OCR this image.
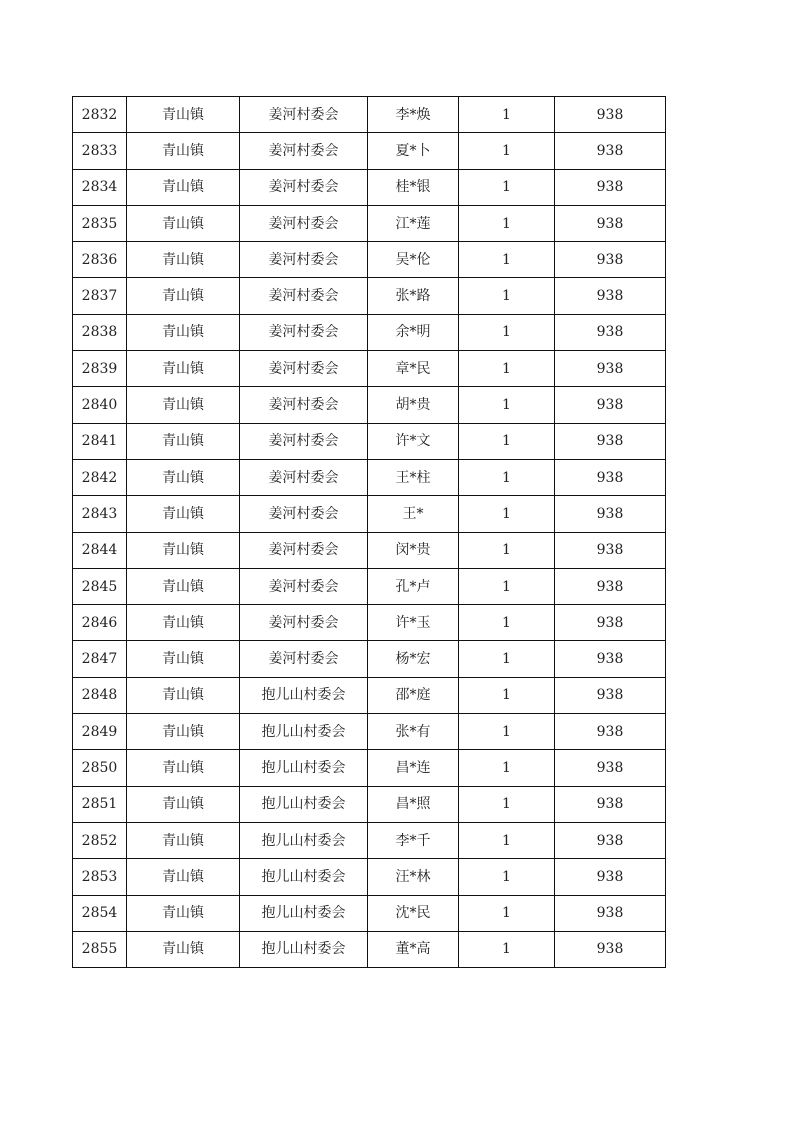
2832	青山镇	姜河村委会	李*焕	1	938
2833	青山镇	姜河村委会	夏*卜	1	938
2834	青山镇	姜河村委会	桂*银	1	938
2835	青山镇	姜河村委会	江*莲	1	938
2836	青山镇	姜河村委会	吴*伦	1	938
2837	青山镇	姜河村委会	张*路	1	938
2838	青山镇	姜河村委会	余*明	1	938
2839	青山镇	姜河村委会	章*民	1	938
2840	青山镇	姜河村委会	胡*贵	1	938
2841	青山镇	姜河村委会	许*文	1	938
2842	青山镇	姜河村委会	王*柱	1	938
2843	青山镇	姜河村委会	王*	1	938
2844	青山镇	姜河村委会	闵*贵	1	938
2845	青山镇	姜河村委会	孔*卢	1	938
2846	青山镇	姜河村委会	许*玉	1	938
2847	青山镇	姜河村委会	杨*宏	1	938
2848	青山镇	抱儿山村委会	邵*庭	1	938
2849	青山镇	抱儿山村委会	张*有	1	938
2850	青山镇	抱儿山村委会	昌*连	1	938
2851	青山镇	抱儿山村委会	昌*照	1	938
2852	青山镇	抱儿山村委会	李*千	1	938
2853	青山镇	抱儿山村委会	汪*林	1	938
2854	青山镇	抱儿山村委会	沈*民	1	938
2855	青山镇	抱儿山村委会	董*高	1	938
